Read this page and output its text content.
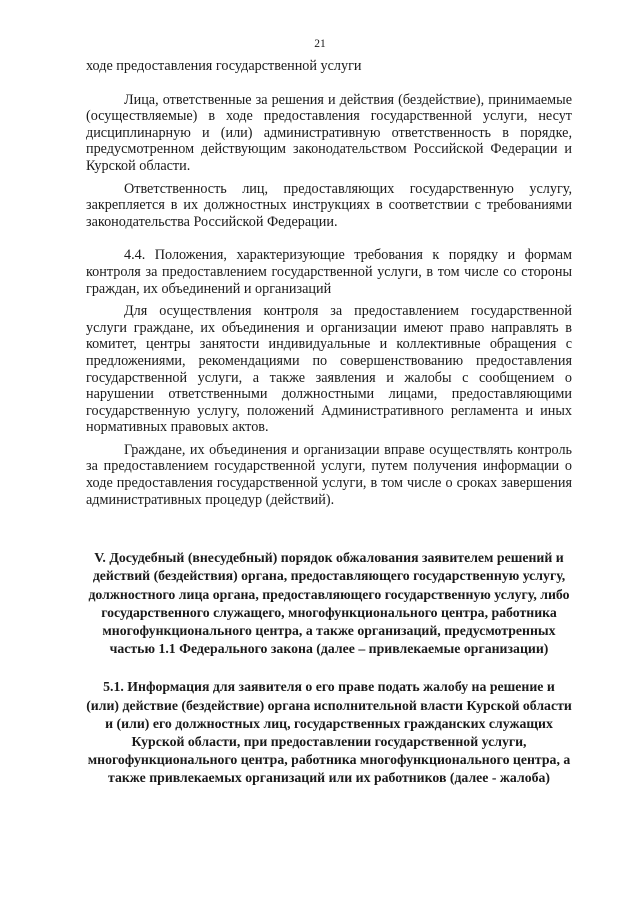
21

ходе предоставления государственной услуги

Лица, ответственные за решения и действия (бездействие), принимаемые (осуществляемые) в ходе предоставления государственной услуги, несут дисциплинарную и (или) административную ответственность в порядке, предусмотренном действующим законодательством Российской Федерации и Курской области.

Ответственность лиц, предоставляющих государственную услугу, закрепляется в их должностных инструкциях в соответствии с требованиями законодательства Российской Федерации.

4.4. Положения, характеризующие требования к порядку и формам контроля за предоставлением государственной услуги, в том числе со стороны граждан, их объединений и организаций

Для осуществления контроля за предоставлением государственной услуги граждане, их объединения и организации имеют право направлять в комитет, центры занятости индивидуальные и коллективные обращения с предложениями, рекомендациями по совершенствованию предоставления государственной услуги, а также заявления и жалобы с сообщением о нарушении ответственными должностными лицами, предоставляющими государственную услугу, положений Административного регламента и иных нормативных правовых актов.

Граждане, их объединения и организации вправе осуществлять контроль за предоставлением государственной услуги, путем получения информации о ходе предоставления государственной услуги, в том числе о сроках завершения административных процедур (действий).

V. Досудебный (внесудебный) порядок обжалования заявителем решений и действий (бездействия) органа, предоставляющего государственную услугу, должностного лица органа, предоставляющего государственную услугу, либо государственного служащего, многофункционального центра, работника многофункционального центра, а также организаций, предусмотренных частью 1.1 Федерального закона (далее – привлекаемые организации)

5.1. Информация для заявителя о его праве подать жалобу на решение и (или) действие (бездействие) органа исполнительной власти Курской области и (или) его должностных лиц, государственных гражданских служащих Курской области, при предоставлении государственной услуги, многофункционального центра, работника многофункционального центра, а также привлекаемых организаций или их работников (далее - жалоба)
